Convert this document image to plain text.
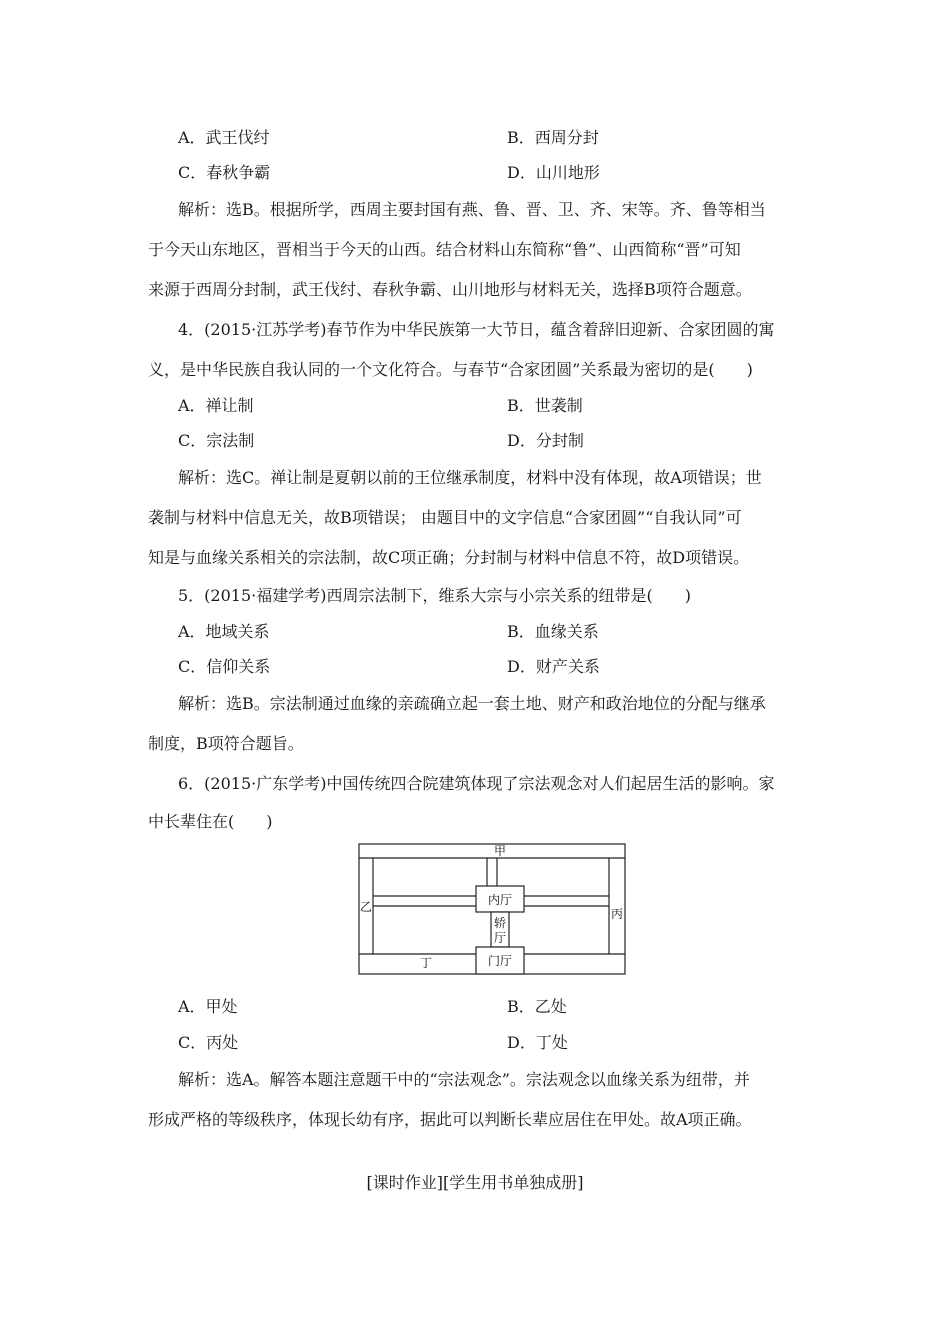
A．武王伐纣	B．西周分封
C．春秋争霸	D．山川地形
解析：选B。根据所学，西周主要封国有燕、鲁、晋、卫、齐、宋等。齐、鲁等相当
于今天山东地区，晋相当于今天的山西。结合材料山东简称“鲁”、山西简称“晋”可知
来源于西周分封制，武王伐纣、春秋争霸、山川地形与材料无关，选择B项符合题意。
4．(2015·江苏学考)春节作为中华民族第一大节日，蕴含着辞旧迎新、合家团圆的寓
义，是中华民族自我认同的一个文化符合。与春节“合家团圆”关系最为密切的是(　　)
A．禅让制	B．世袭制
C．宗法制	D．分封制
解析：选C。禅让制是夏朝以前的王位继承制度，材料中没有体现，故A项错误；世
袭制与材料中信息无关，故B项错误； 由题目中的文字信息“合家团圆”“自我认同”可
知是与血缘关系相关的宗法制，故C项正确；分封制与材料中信息不符，故D项错误。
5．(2015·福建学考)西周宗法制下，维系大宗与小宗关系的纽带是(　　)
A．地域关系	B．血缘关系
C．信仰关系	D．财产关系
解析：选B。宗法制通过血缘的亲疏确立起一套土地、财产和政治地位的分配与继承
制度，B项符合题旨。
6．(2015·广东学考)中国传统四合院建筑体现了宗法观念对人们起居生活的影响。家
中长辈住在(　　)
甲
乙	丙
丁
内厅
轿
厅
门厅
A．甲处	B．乙处
C．丙处	D．丁处
解析：选A。解答本题注意题干中的“宗法观念”。宗法观念以血缘关系为纽带，并
形成严格的等级秩序，体现长幼有序，据此可以判断长辈应居住在甲处。故A项正确。
[课时作业][学生用书单独成册]
